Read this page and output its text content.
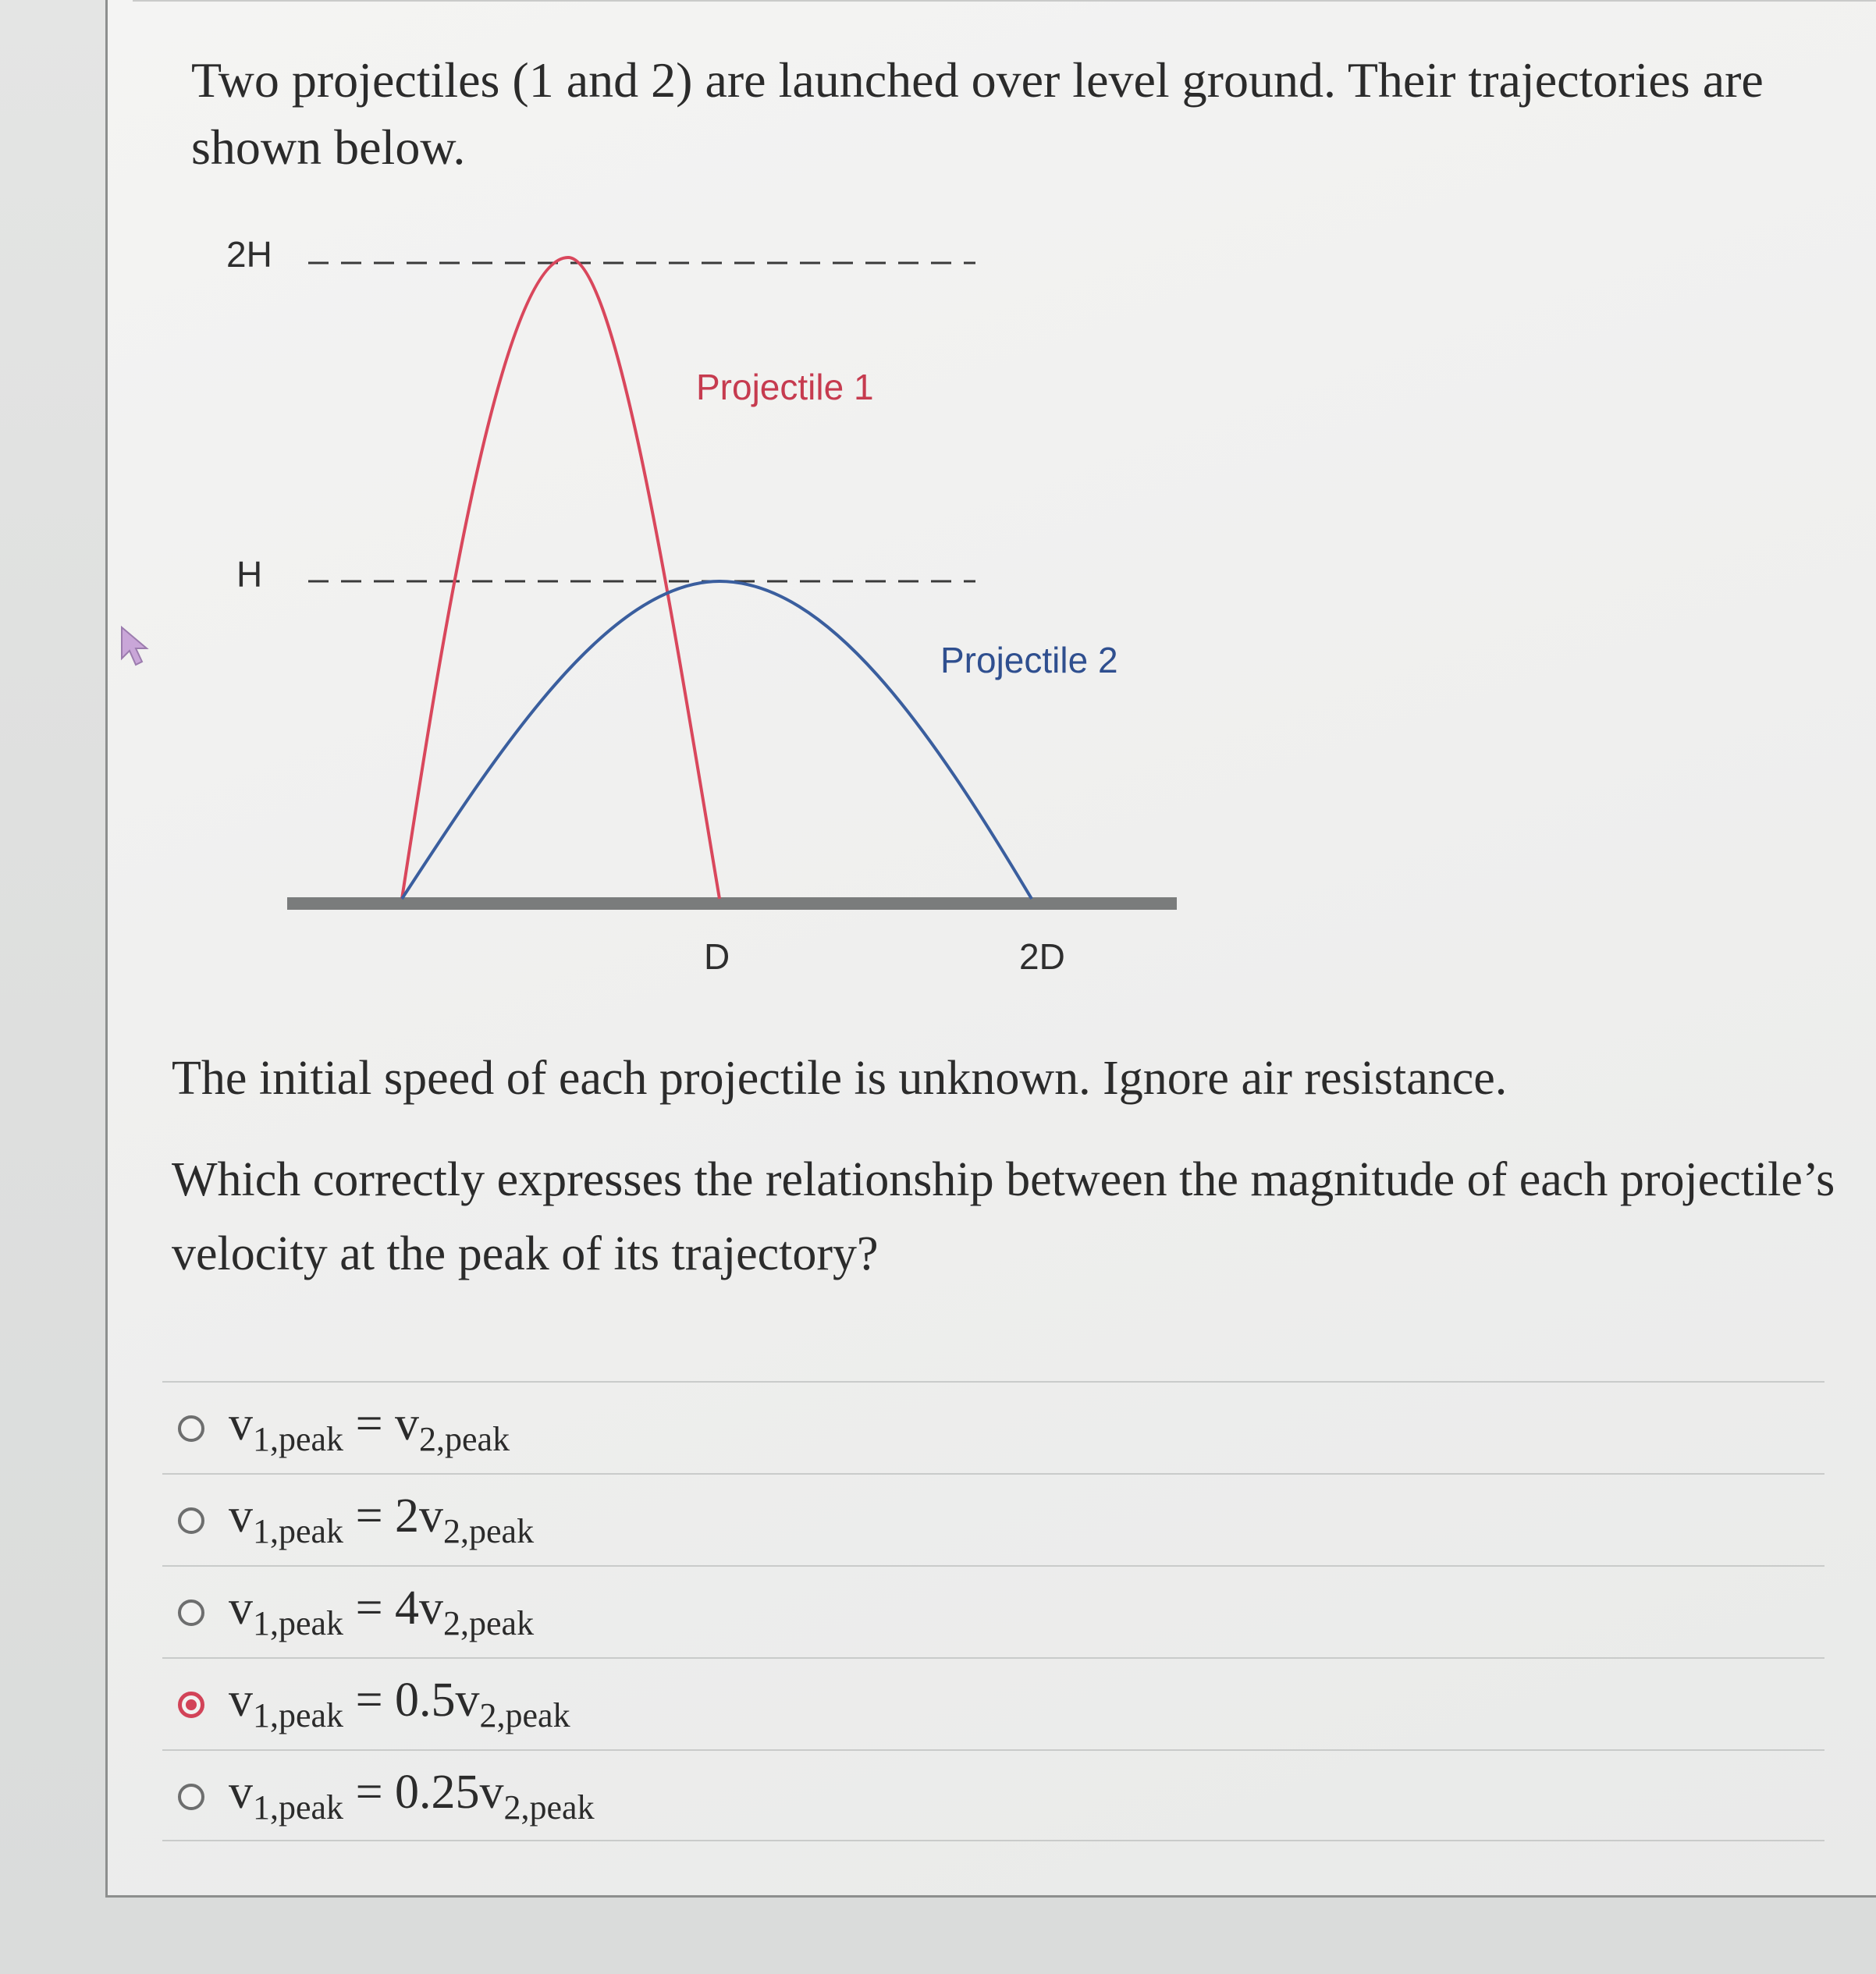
Two projectiles (1 and 2) are launched over level ground. Their trajectories are shown below.
2H
H
Projectile 1
Projectile 2
D	2D
The initial speed of each projectile is unknown. Ignore air resistance.
Which correctly expresses the relationship between the magnitude of each projectile’s velocity at the peak of its trajectory?
$v_{1,peak} = v_{2,peak}$
$v_{1,peak} = 2v_{2,peak}$
$v_{1,peak} = 4v_{2,peak}$
$v_{1,peak} = 0.5v_{2,peak}$
$v_{1,peak} = 0.25v_{2,peak}$
